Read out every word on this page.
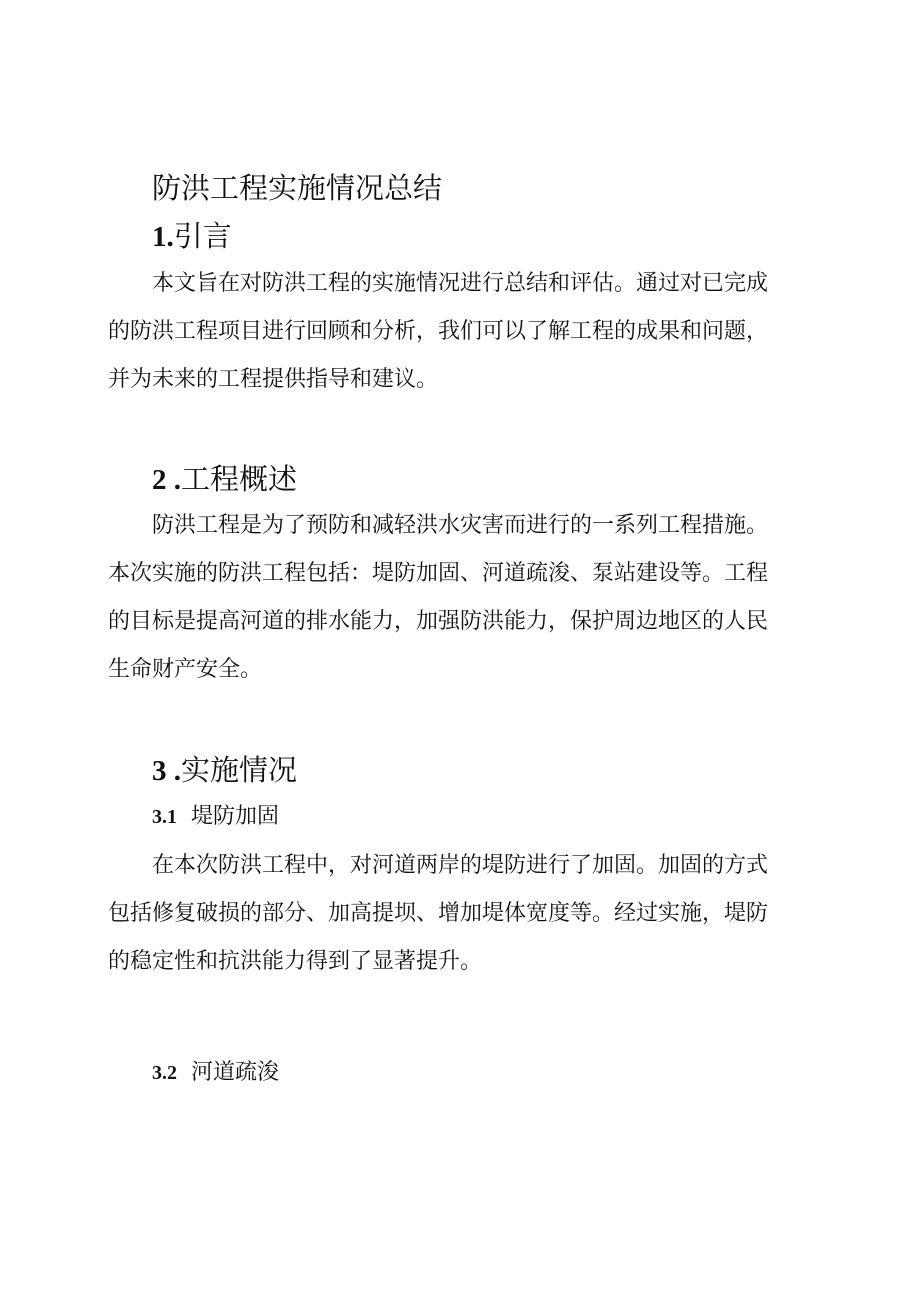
防洪工程实施情况总结
1.引言
本文旨在对防洪工程的实施情况进行总结和评估。通过对已完成
的防洪工程项目进行回顾和分析，我们可以了解工程的成果和问题，
并为未来的工程提供指导和建议。
2 .工程概述
防洪工程是为了预防和减轻洪水灾害而进行的一系列工程措施。
本次实施的防洪工程包括：堤防加固、河道疏浚、泵站建设等。工程
的目标是提高河道的排水能力，加强防洪能力，保护周边地区的人民
生命财产安全。
3 .实施情况
3.1 堤防加固
在本次防洪工程中，对河道两岸的堤防进行了加固。加固的方式
包括修复破损的部分、加高提坝、增加堤体宽度等。经过实施，堤防
的稳定性和抗洪能力得到了显著提升。
3.2 河道疏浚
